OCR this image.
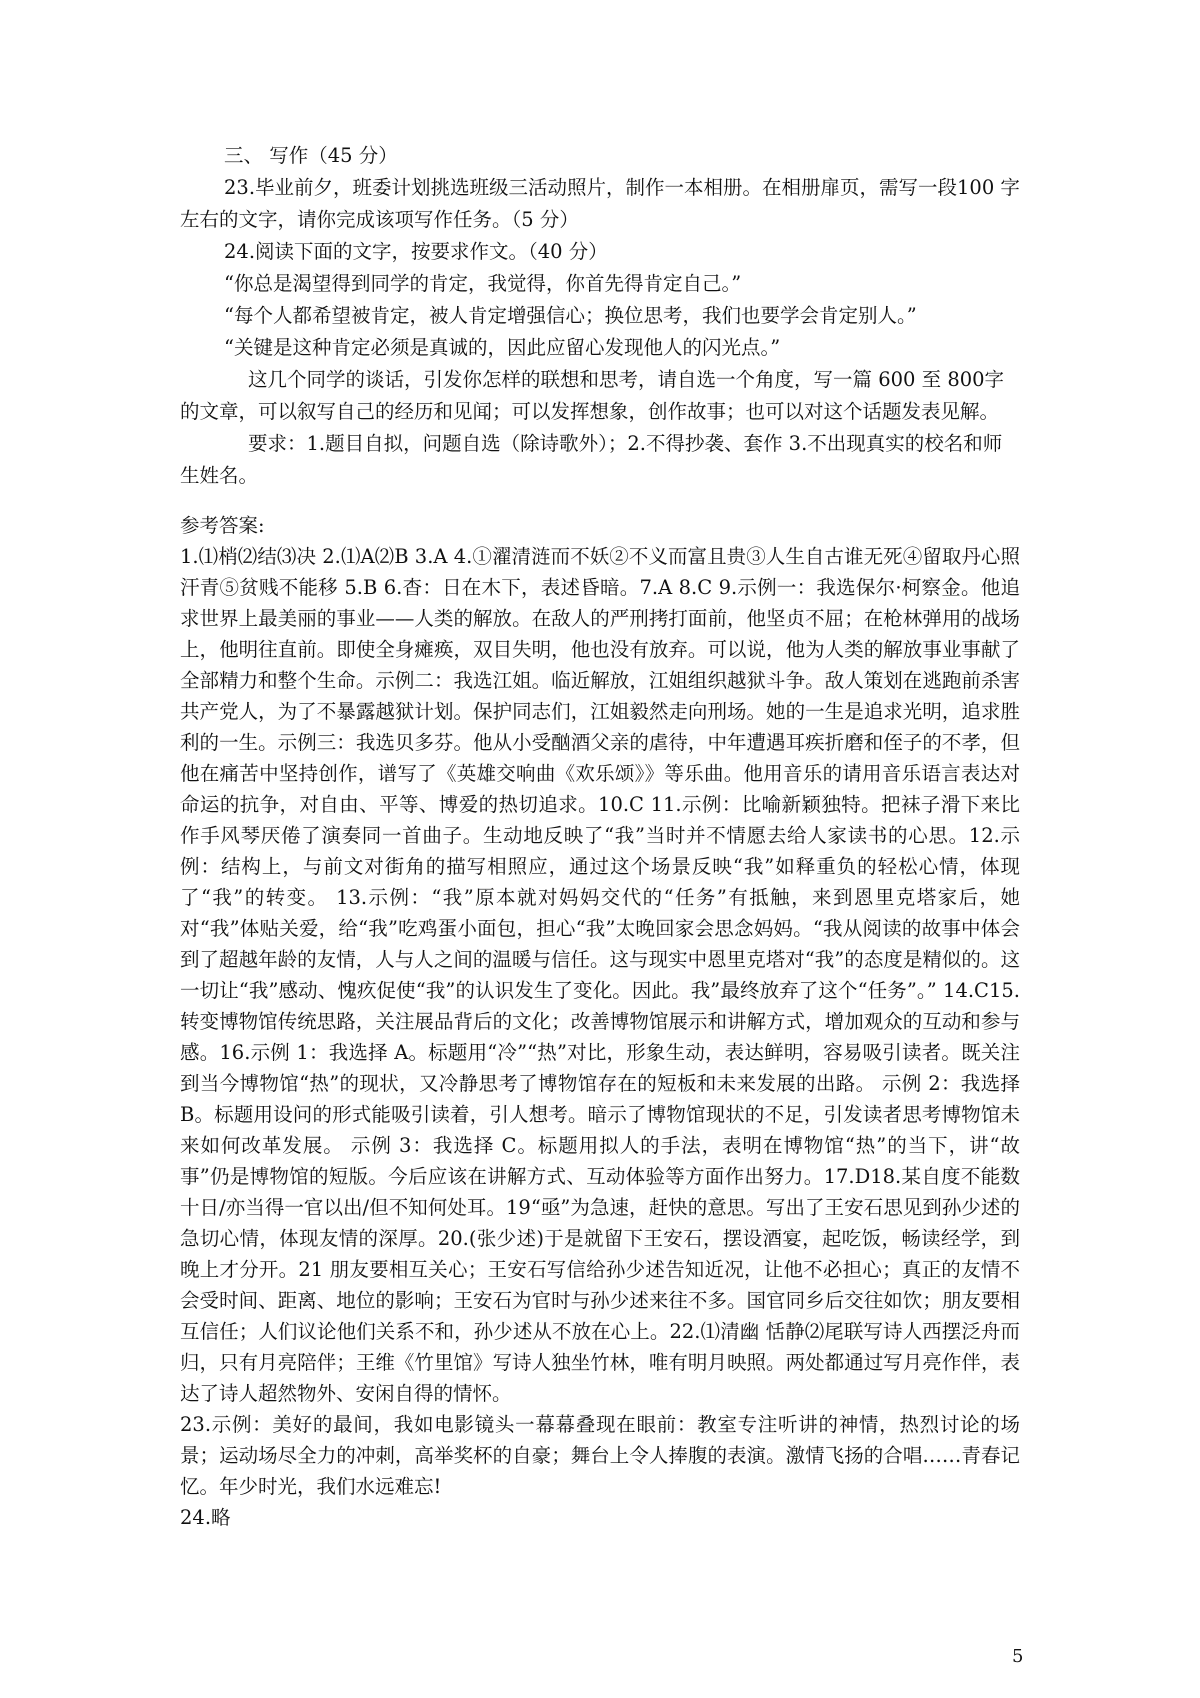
三、 写作（45 分）

23.毕业前夕，班委计划挑选班级三活动照片，制作一本相册。在相册扉页，需写一段100 字左右的文字，请你完成该项写作任务。（5 分）

24.阅读下面的文字，按要求作文。（40 分）

“你总是渴望得到同学的肯定，我觉得，你首先得肯定自己。”

“每个人都希望被肯定，被人肯定增强信心；换位思考，我们也要学会肯定别人。”

“关键是这种肯定必须是真诚的，因此应留心发现他人的闪光点。”

这几个同学的谈话，引发你怎样的联想和思考，请自选一个角度，写一篇 600 至 800字的文章，可以叙写自己的经历和见闻；可以发挥想象，创作故事；也可以对这个话题发表见解。

要求：1.题目自拟，问题自选（除诗歌外）；2.不得抄袭、套作 3.不出现真实的校名和师生姓名。

参考答案:

1.⑴梢⑵结⑶决 2.⑴A⑵B 3.A 4.①濯清涟而不妖②不义而富且贵③人生自古谁无死④留取丹心照汗青⑤贫贱不能移 5.B 6.杳：日在木下，表述昏暗。7.A 8.C 9.示例一：我选保尔·柯察金。他追求世界上最美丽的事业——人类的解放。在敌人的严刑拷打面前，他坚贞不屈；在枪林弹用的战场上，他明往直前。即使全身瘫痪，双目失明，他也没有放弃。可以说，他为人类的解放事业事献了全部精力和整个生命。示例二：我选江姐。临近解放，江姐组织越狱斗争。敌人策划在逃跑前杀害共产党人，为了不暴露越狱计划。保护同志们，江姐毅然走向刑场。她的一生是追求光明，追求胜利的一生。示例三：我选贝多芬。他从小受酗酒父亲的虐待，中年遭遇耳疾折磨和侄子的不孝，但他在痛苦中坚持创作，谱写了《英雄交响曲《欢乐颂》》等乐曲。他用音乐的请用音乐语言表达对命运的抗争，对自由、平等、博爱的热切追求。10.C 11.示例：比喻新颖独特。把袜子滑下来比作手风琴厌倦了演奏同一首曲子。生动地反映了“我”当时并不情愿去给人家读书的心思。12.示例：结构上，与前文对街角的描写相照应，通过这个场景反映“我”如释重负的轻松心情，体现了“我”的转变。 13.示例：“我”原本就对妈妈交代的“任务”有抵触，来到恩里克塔家后，她对“我”体贴关爱，给“我”吃鸡蛋小面包，担心“我”太晚回家会思念妈妈。“我从阅读的故事中体会到了超越年龄的友情，人与人之间的温暖与信任。这与现实中恩里克塔对“我”的态度是精似的。这一切让“我”感动、愧疚促使“我”的认识发生了变化。因此。我”最终放弃了这个“任务”。” 14.C15.转变博物馆传统思路，关注展品背后的文化；改善博物馆展示和讲解方式，增加观众的互动和参与感。16.示例 1：我选择 A。标题用“冷”“热”对比，形象生动，表达鲜明，容易吸引读者。既关注到当今博物馆“热”的现状，又冷静思考了博物馆存在的短板和未来发展的出路。 示例 2：我选择 B。标题用设问的形式能吸引读着，引人想考。暗示了博物馆现状的不足，引发读者思考博物馆未来如何改革发展。 示例 3：我选择 C。标题用拟人的手法，表明在博物馆“热”的当下，讲“故事”仍是博物馆的短版。今后应该在讲解方式、互动体验等方面作出努力。17.D18.某自度不能数十日/亦当得一官以出/但不知何处耳。19“亟”为急速，赶快的意思。写出了王安石思见到孙少述的急切心情，体现友情的深厚。20.(张少述)于是就留下王安石，摆设酒宴，起吃饭，畅读经学，到晚上才分开。21 朋友要相互关心；王安石写信给孙少述告知近况，让他不必担心；真正的友情不会受时间、距离、地位的影响；王安石为官时与孙少述来往不多。国官同乡后交往如饮；朋友要相互信任；人们议论他们关系不和，孙少述从不放在心上。22.⑴清幽 恬静⑵尾联写诗人西摆泛舟而归，只有月亮陪伴；王维《竹里馆》写诗人独坐竹林，唯有明月映照。两处都通过写月亮作伴，表达了诗人超然物外、安闲自得的情怀。

23.示例：美好的最间，我如电影镜头一幕幕叠现在眼前：教室专注听讲的神情，热烈讨论的场景；运动场尽全力的冲刺，高举奖杯的自豪；舞台上令人捧腹的表演。激情飞扬的合唱……青春记忆。年少时光，我们水远难忘!

24.略

5
